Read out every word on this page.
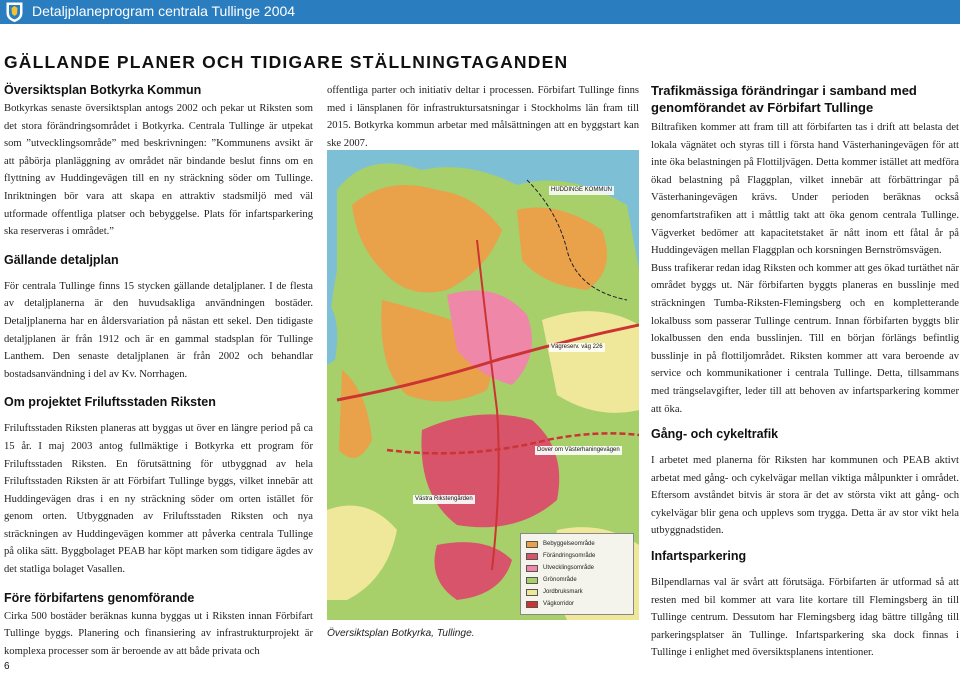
Detaljplaneprogram centrala Tullinge 2004
GÄLLANDE PLANER OCH TIDIGARE STÄLLNINGTAGANDEN
Översiktsplan Botkyrka Kommun

Botkyrkas senaste översiktsplan antogs 2002 och pekar ut Riksten som det stora förändringsområdet i Botkyrka. Centrala Tullinge är utpekat som ”utvecklingsområde” med beskrivningen: ”Kommunens avsikt är att påbörja planläggning av området när bindande beslut finns om en flyttning av Huddingevägen till en ny sträckning söder om Tullinge. Inriktningen bör vara att skapa en attraktiv stadsmiljö med väl utformade offentliga platser och bebyggelse. Plats för infartsparkering ska reserveras i området.”

Gällande detaljplan

För centrala Tullinge finns 15 stycken gällande detaljplaner. I de flesta av detaljplanerna är den huvudsakliga användningen bostäder. Detaljplanerna har en åldersvariation på nästan ett sekel. Den tidigaste detaljplanen är från 1912 och är en gammal stadsplan för Tullinge Lanthem. Den senaste detaljplanen är från 2002 och behandlar bostadsanvändning i del av Kv. Norrhagen.

Om projektet Friluftsstaden Riksten

Friluftsstaden Riksten planeras att byggas ut över en längre period på ca 15 år. I maj 2003 antog fullmäktige i Botkyrka ett program för Friluftsstaden Riksten. En förutsättning för utbyggnad av hela Friluftsstaden Riksten är att Förbifart Tullinge byggs, vilket innebär att Huddingevägen dras i en ny sträckning söder om orten istället för genom orten. Utbyggnaden av Friluftsstaden Riksten och nya sträckningen av Huddingevägen kommer att påverka centrala Tullinge på olika sätt. Byggbolaget PEAB har köpt marken som tidigare ägdes av det statliga bolaget Vasallen.

Före förbifartens genomförande

Cirka 500 bostäder beräknas kunna byggas ut i Riksten innan Förbifart Tullinge byggs. Planering och finansiering av infrastrukturprojekt är komplexa processer som är beroende av att både privata och

offentliga parter och initiativ deltar i processen. Förbifart Tullinge finns med i länsplanen för infrastruktursatsningar i Stockholms län fram till 2015. Botkyrka kommun arbetar med målsättningen att en byggstart kan ske 2007.

HUDDINGE KOMMUN
Vägreserv. väg 226
Dover om Västerhaningevägen
Västra Rikstengården
Bebyggelseområde
Förändringsområde
Utvecklingsområde
Grönområde
Jordbruksmark
Vägkorridor
Översiktsplan Botkyrka, Tullinge.
Trafikmässiga förändringar i samband med genomförandet av Förbifart Tullinge

Biltrafiken kommer att fram till att förbifarten tas i drift att belasta det lokala vägnätet och styras till i första hand Västerhaningevägen för att inte öka belastningen på Flottiljvägen. Detta kommer istället att medföra ökad belastning på Flaggplan, vilket innebär att förbättringar på Västerhaningevägen krävs. Under perioden beräknas också genomfartstrafiken att i måttlig takt att öka genom centrala Tullinge. Vägverket bedömer att kapacitetstaket är nått inom ett fåtal år på Huddingevägen mellan Flaggplan och korsningen Bernströmsvägen.

Buss trafikerar redan idag Riksten och kommer att ges ökad turtäthet när området byggs ut. När förbifarten byggts planeras en busslinje med sträckningen Tumba-Riksten-Flemingsberg och en kompletterande lokalbuss som passerar Tullinge centrum. Innan förbifarten byggts blir lokalbussen den enda busslinjen. Till en början förlängs befintlig busslinje in på flottiljområdet. Riksten kommer att vara beroende av service och kommunikationer i centrala Tullinge. Detta, tillsammans med trängselavgifter, leder till att behoven av infartsparkering kommer att öka.

Gång- och cykeltrafik

I arbetet med planerna för Riksten har kommunen och PEAB aktivt arbetat med gång- och cykelvägar mellan viktiga målpunkter i området. Eftersom avståndet bitvis är stora är det av största vikt att gång- och cykelvägar blir gena och upplevs som trygga. Detta är av stor vikt hela utbyggnadstiden.

Infartsparkering

Bilpendlarnas val är svårt att förutsäga. Förbifarten är utformad så att resten med bil kommer att vara lite kortare till Flemingsberg än till Tullinge centrum. Dessutom har Flemingsberg idag bättre tillgång till parkeringsplatser än Tullinge. Infartsparkering ska dock finnas i Tullinge i enlighet med översiktsplanens intentioner.

6
